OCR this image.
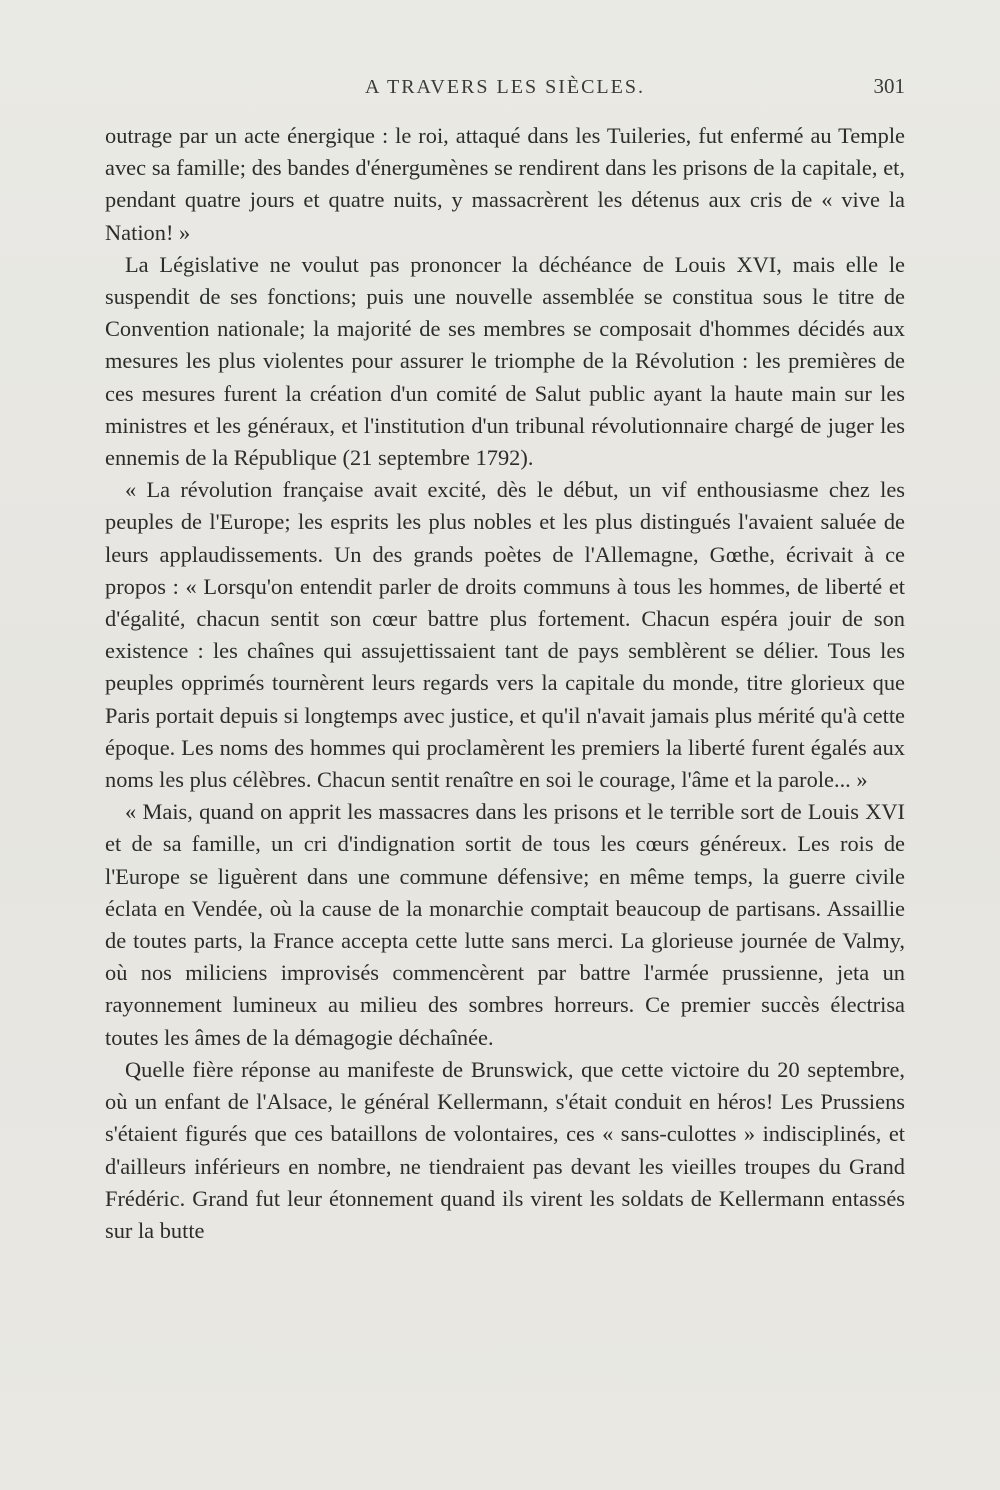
A TRAVERS LES SIÈCLES.	301

outrage par un acte énergique : le roi, attaqué dans les Tuileries, fut enfermé au Temple avec sa famille; des bandes d'énergumènes se rendirent dans les prisons de la capitale, et, pendant quatre jours et quatre nuits, y massacrèrent les détenus aux cris de « vive la Nation! »

La Législative ne voulut pas prononcer la déchéance de Louis XVI, mais elle le suspendit de ses fonctions; puis une nouvelle assemblée se constitua sous le titre de Convention nationale; la majorité de ses membres se composait d'hommes décidés aux mesures les plus violentes pour assurer le triomphe de la Révolution : les premières de ces mesures furent la création d'un comité de Salut public ayant la haute main sur les ministres et les généraux, et l'institution d'un tribunal révolutionnaire chargé de juger les ennemis de la République (21 septembre 1792).

« La révolution française avait excité, dès le début, un vif enthousiasme chez les peuples de l'Europe; les esprits les plus nobles et les plus distingués l'avaient saluée de leurs applaudissements. Un des grands poètes de l'Allemagne, Gœthe, écrivait à ce propos : « Lorsqu'on entendit parler de droits communs à tous les hommes, de liberté et d'égalité, chacun sentit son cœur battre plus fortement. Chacun espéra jouir de son existence : les chaînes qui assujettissaient tant de pays semblèrent se délier. Tous les peuples opprimés tournèrent leurs regards vers la capitale du monde, titre glorieux que Paris portait depuis si longtemps avec justice, et qu'il n'avait jamais plus mérité qu'à cette époque. Les noms des hommes qui proclamèrent les premiers la liberté furent égalés aux noms les plus célèbres. Chacun sentit renaître en soi le courage, l'âme et la parole... »

« Mais, quand on apprit les massacres dans les prisons et le terrible sort de Louis XVI et de sa famille, un cri d'indignation sortit de tous les cœurs généreux. Les rois de l'Europe se liguèrent dans une commune défensive; en même temps, la guerre civile éclata en Vendée, où la cause de la monarchie comptait beaucoup de partisans. Assaillie de toutes parts, la France accepta cette lutte sans merci. La glorieuse journée de Valmy, où nos miliciens improvisés commencèrent par battre l'armée prussienne, jeta un rayonnement lumineux au milieu des sombres horreurs. Ce premier succès électrisa toutes les âmes de la démagogie déchaînée.

Quelle fière réponse au manifeste de Brunswick, que cette victoire du 20 septembre, où un enfant de l'Alsace, le général Kellermann, s'était conduit en héros! Les Prussiens s'étaient figurés que ces bataillons de volontaires, ces « sans-culottes » indisciplinés, et d'ailleurs inférieurs en nombre, ne tiendraient pas devant les vieilles troupes du Grand Frédéric. Grand fut leur étonnement quand ils virent les soldats de Kellermann entassés sur la butte
